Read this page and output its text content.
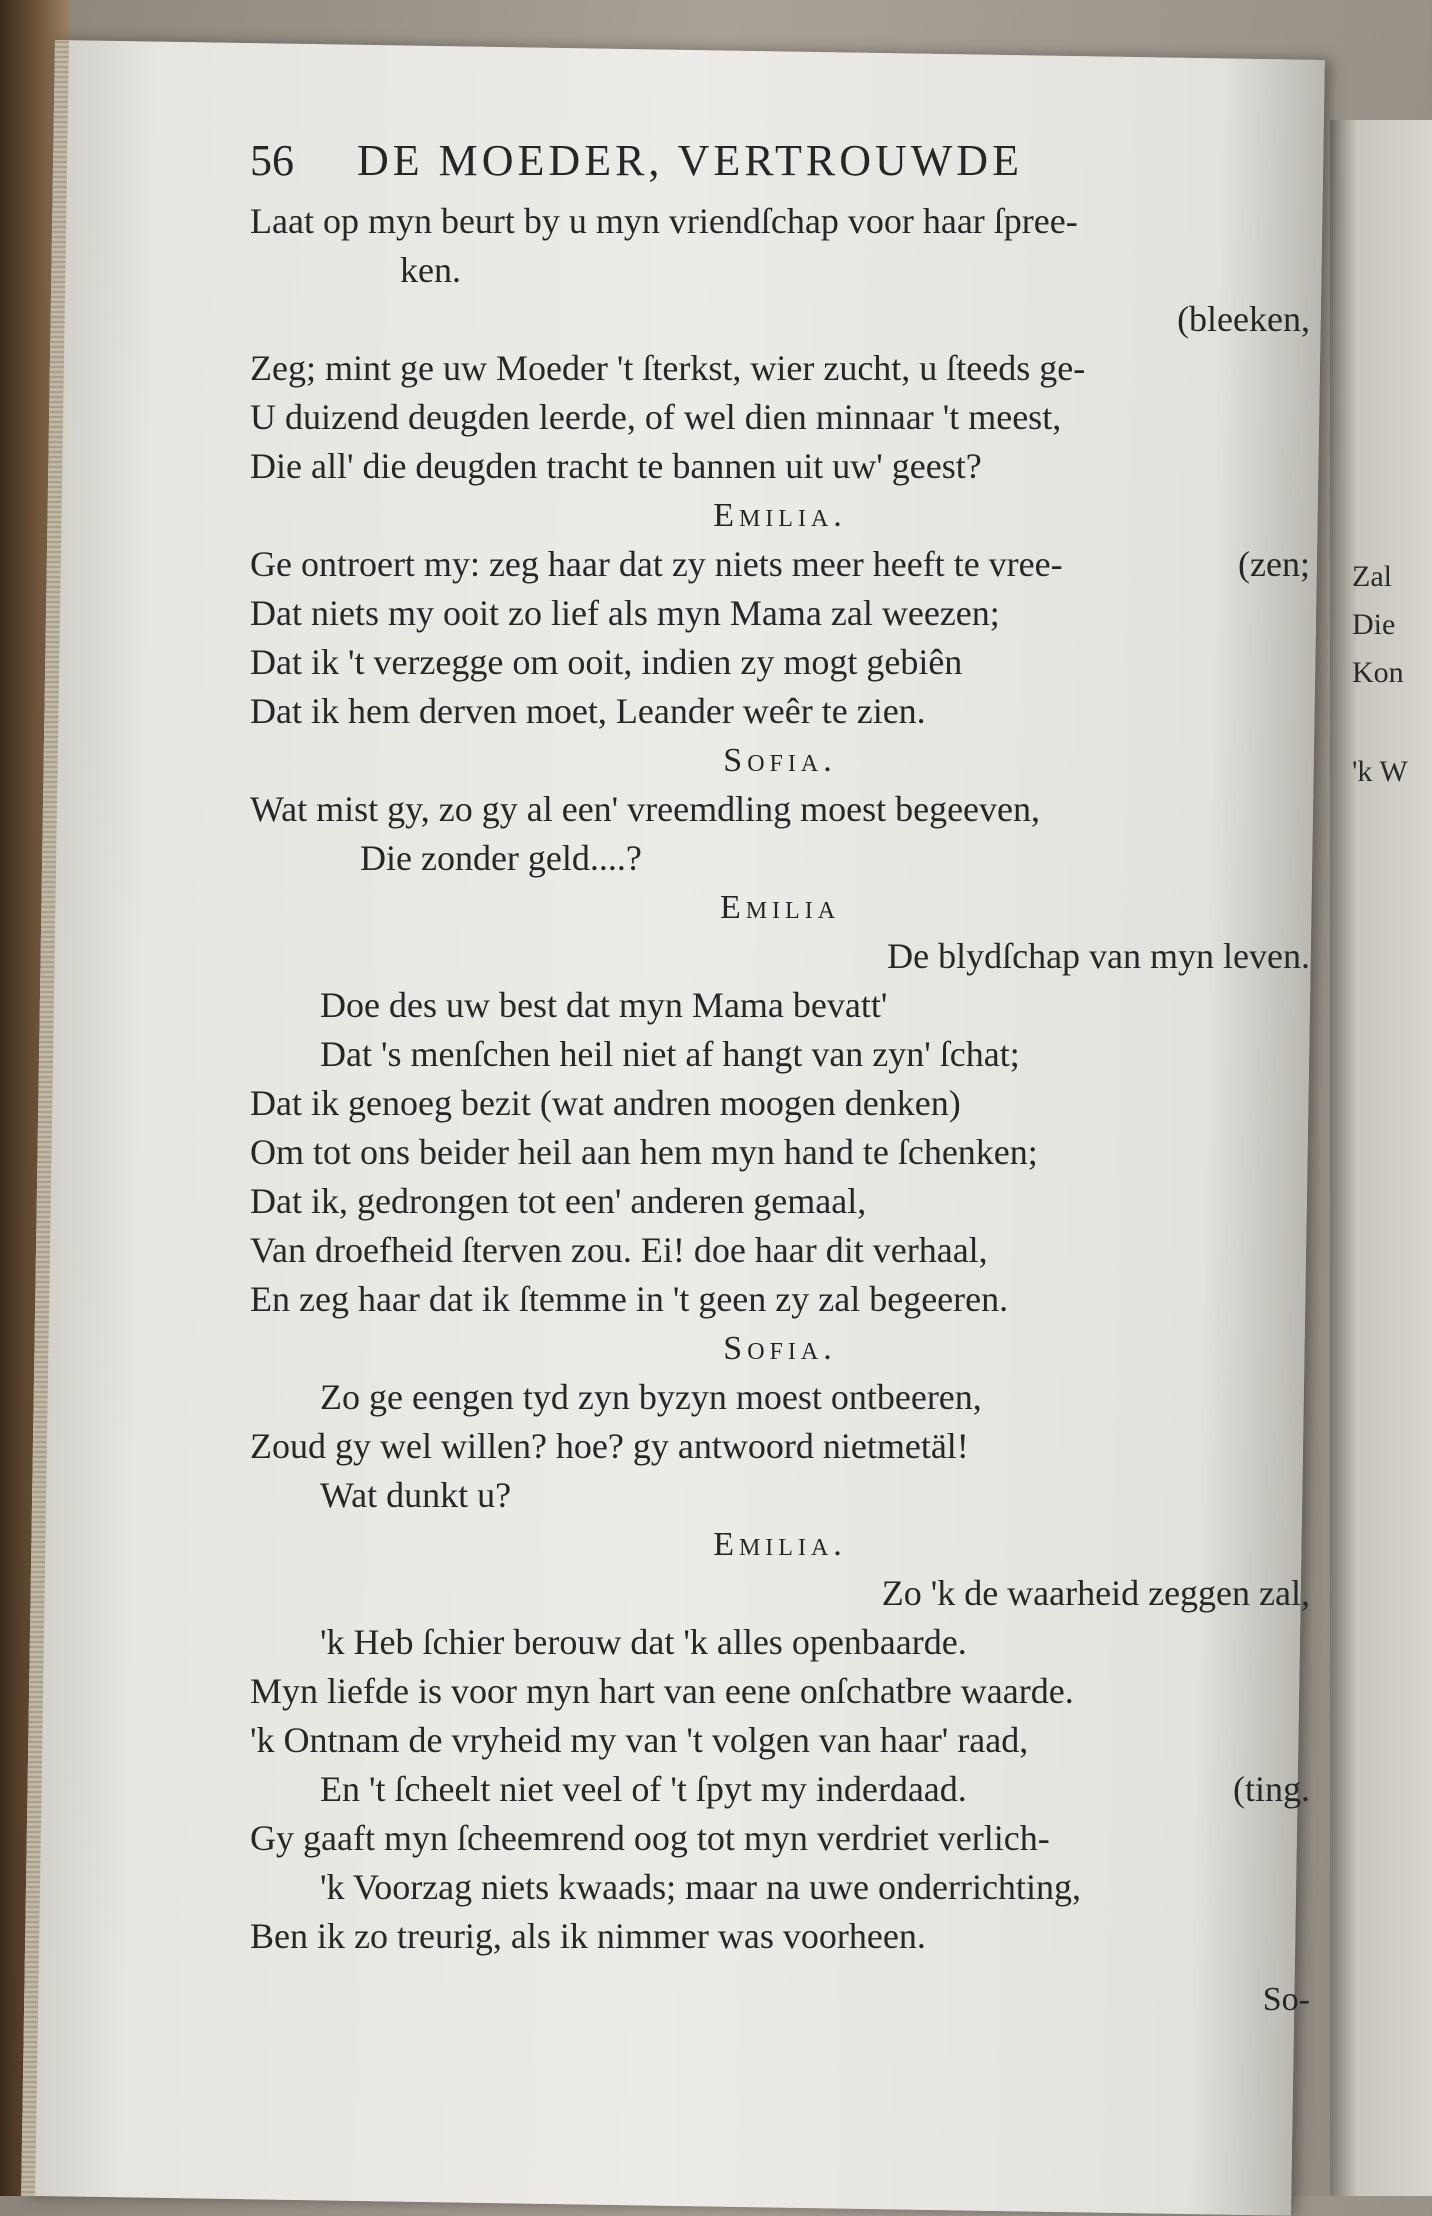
Zal
Die
Kon
'k W
56 DE MOEDER, VERTROUWDE
Laat op myn beurt by u myn vriendſchap voor haar ſpree-
ken.
(bleeken,
Zeg; mint ge uw Moeder 't ſterkst, wier zucht, u ſteeds ge-
U duizend deugden leerde, of wel dien minnaar 't meest,
Die all' die deugden tracht te bannen uit uw' geest?
Emilia.
Ge ontroert my: zeg haar dat zy niets meer heeft te vree-	(zen;
Dat niets my ooit zo lief als myn Mama zal weezen;
Dat ik 't verzegge om ooit, indien zy mogt gebiên
Dat ik hem derven moet, Leander weêr te zien.
Sofia.
Wat mist gy, zo gy al een' vreemdling moest begeeven,
Die zonder geld....?
Emilia
De blydſchap van myn leven.
Doe des uw best dat myn Mama bevatt'
Dat 's menſchen heil niet af hangt van zyn' ſchat;
Dat ik genoeg bezit (wat andren moogen denken)
Om tot ons beider heil aan hem myn hand te ſchenken;
Dat ik, gedrongen tot een' anderen gemaal,
Van droefheid ſterven zou. Ei! doe haar dit verhaal,
En zeg haar dat ik ſtemme in 't geen zy zal begeeren.
Sofia.
Zo ge eengen tyd zyn byzyn moest ontbeeren,
Zoud gy wel willen? hoe? gy antwoord nietmetäl!
Wat dunkt u?
Emilia.
Zo 'k de waarheid zeggen zal,
'k Heb ſchier berouw dat 'k alles openbaarde.
Myn liefde is voor myn hart van eene onſchatbre waarde.
'k Ontnam de vryheid my van 't volgen van haar' raad,
En 't ſcheelt niet veel of 't ſpyt my inderdaad.	(ting.
Gy gaaft myn ſcheemrend oog tot myn verdriet verlich-
'k Voorzag niets kwaads; maar na uwe onderrichting,
Ben ik zo treurig, als ik nimmer was voorheen.
So-
